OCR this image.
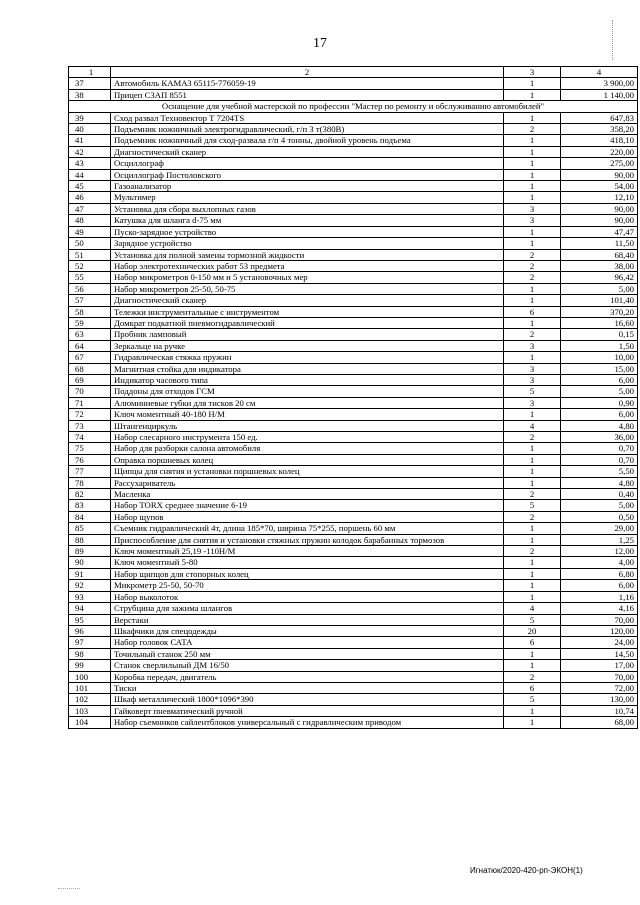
17
1	2	3	4
37	Автомобиль КАМАЗ 65115-776059-19	1	3 900,00
38	Прицеп СЗАП 8551	1	1 140,00
Оснащение для учебной мастерской по профессии "Мастер по ремонту и обслуживанию автомобилей"			
39	Сход развал Техновектор Т 7204TS	1	647,83
40	Подъемник ножничный электрогидравлический, г/п 3 т(380В)	2	358,20
41	Подъемник ножничный для сход-развала г/п 4 тонны, двойной уровень подъема	1	418,10
42	Диагностический сканер	1	220,00
43	Осциллограф	1	275,00
44	Осциллограф Постоловского	1	90,00
45	Газоанализатор	1	54,00
46	Мультимер	1	12,10
47	Установка для сбора выхлопных газов	3	90,00
48	Катушка для шланга d-75 мм	3	90,00
49	Пуско-зарядное устройство	1	47,47
50	Зарядное устройство	1	11,50
51	Установка для полной замены тормозной жидкости	2	68,40
52	Набор электротехнических работ 53 предмета	2	38,00
55	Набор микрометров 0-150 мм и 5 установочных мер	2	96,42
56	Набор микрометров 25-50, 50-75	1	5,00
57	Диагностический сканер	1	101,40
58	Тележки инструментальные с инструментом	6	370,20
59	Домкрат подкатной пневмогидравлический	1	16,60
63	Пробник ламповый	2	0,15
64	Зеркальце на ручке	3	1,50
67	Гидравлическая стяжка пружин	1	10,00
68	Магнитная стойка для индикатора	3	15,00
69	Индикатор часового типа	3	6,00
70	Поддоны для отходов ГСМ	5	5,00
71	Алюминиевые губки для тисков 20 см	3	0,90
72	Ключ моментный 40-180 Н/М	1	6,00
73	Штангенциркуль	4	4,80
74	Набор слесарного инструмента 150 ед.	2	36,00
75	Набор для разборки салона автомобиля	1	0,70
76	Оправка поршневых колец	1	0,70
77	Щипцы для снятия и установки поршневых колец	1	5,50
78	Рассухариватель	1	4,80
82	Масленка	2	0,40
83	Набор TORX среднее значение 6-19	5	5,00
84	Набор щупов	2	0,50
85	Съемник гидравлический 4т, длина 185*70, ширина 75*255, поршень 60 мм	1	29,00
88	Приспособление для снятия и установки стяжных пружин колодок барабанных тормозов	1	1,25
89	Ключ моментный 25,19 -110Н/М	2	12,00
90	Ключ моментный 5-80	1	4,00
91	Набор щипцов для стопорных колец	1	6,80
92	Микрометр 25-50, 50-70	1	6,00
93	Набор выколоток	1	1,16
94	Струбцина для зажима шлангов	4	4,16
95	Верстаки	5	70,00
96	Шкафчики для спецодежды	20	120,00
97	Набор головок САТА	6	24,00
98	Точильный станок 250 мм	1	14,50
99	Станок сверлильный ДМ 16/50	1	17,00
100	Коробка передач, двигатель	2	70,00
101	Тиски	6	72,00
102	Шкаф металлический 1800*1096*390	5	130,00
103	Гайковерт пневматический ручной	1	10,74
104	Набор съемников сайлентблоков универсальный с гидравлическим приводом	1	68,00
Игнатюк/2020-420-рп-ЭКОН(1)
